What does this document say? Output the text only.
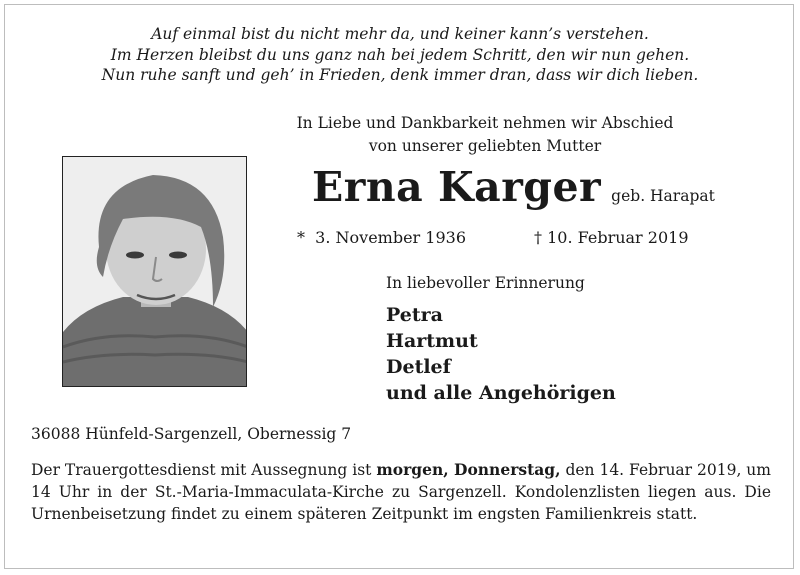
Auf einmal bist du nicht mehr da, und keiner kann’s verstehen.
Im Herzen bleibst du uns ganz nah bei jedem Schritt, den wir nun gehen.
Nun ruhe sanft und geh’ in Frieden, denk immer dran, dass wir dich lieben.
In Liebe und Dankbarkeit nehmen wir Abschied
von unserer geliebten Mutter
Erna Karger geb. Harapat
* 3. November 1936	† 10. Februar 2019
In liebevoller Erinnerung
Petra
Hartmut
Detlef
und alle Angehörigen
36088 Hünfeld-Sargenzell, Obernessig 7
Der Trauergottesdienst mit Aussegnung ist morgen, Donnerstag, den 14. Februar 2019, um 14 Uhr in der St.-Maria-Immaculata-Kirche zu Sargenzell. Kondolenzlisten liegen aus. Die Urnenbeisetzung findet zu einem späteren Zeitpunkt im engsten Familienkreis statt.
